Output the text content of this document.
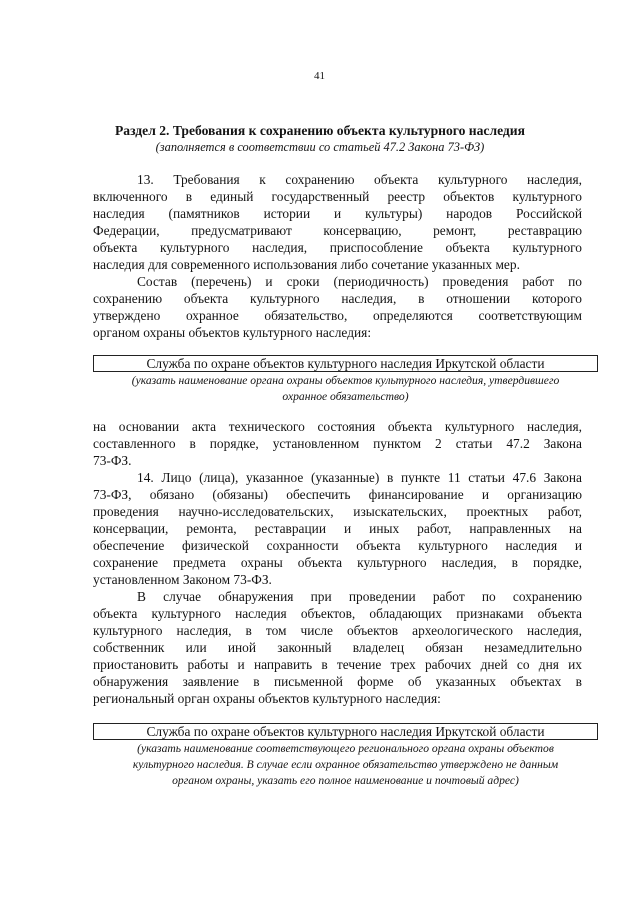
41
Раздел 2. Требования к сохранению объекта культурного наследия
(заполняется в соответствии со статьей 47.2 Закона 73-ФЗ)
13. Требования к сохранению объекта культурного наследия,
включенного в единый государственный реестр объектов культурного
наследия (памятников истории и культуры) народов Российской
Федерации, предусматривают консервацию, ремонт, реставрацию
объекта культурного наследия, приспособление объекта культурного
наследия для современного использования либо сочетание указанных мер.
Состав (перечень) и сроки (периодичность) проведения работ по
сохранению объекта культурного наследия, в отношении которого
утверждено охранное обязательство, определяются соответствующим
органом охраны объектов культурного наследия:
Служба по охране объектов культурного наследия Иркутской области
(указать наименование органа охраны объектов культурного наследия, утвердившего
охранное обязательство)
на основании акта технического состояния объекта культурного наследия,
составленного в порядке, установленном пунктом 2 статьи 47.2 Закона
73-ФЗ.
14. Лицо (лица), указанное (указанные) в пункте 11 статьи 47.6 Закона
73-ФЗ, обязано (обязаны) обеспечить финансирование и организацию
проведения научно-исследовательских, изыскательских, проектных работ,
консервации, ремонта, реставрации и иных работ, направленных на
обеспечение физической сохранности объекта культурного наследия и
сохранение предмета охраны объекта культурного наследия, в порядке,
установленном Законом 73-ФЗ.
В случае обнаружения при проведении работ по сохранению
объекта культурного наследия объектов, обладающих признаками объекта
культурного наследия, в том числе объектов археологического наследия,
собственник или иной законный владелец обязан незамедлительно
приостановить работы и направить в течение трех рабочих дней со дня их
обнаружения заявление в письменной форме об указанных объектах в
региональный орган охраны объектов культурного наследия:
Служба по охране объектов культурного наследия Иркутской области
(указать наименование соответствующего регионального органа охраны объектов
культурного наследия. В случае если охранное обязательство утверждено не данным
органом охраны, указать его полное наименование и почтовый адрес)
